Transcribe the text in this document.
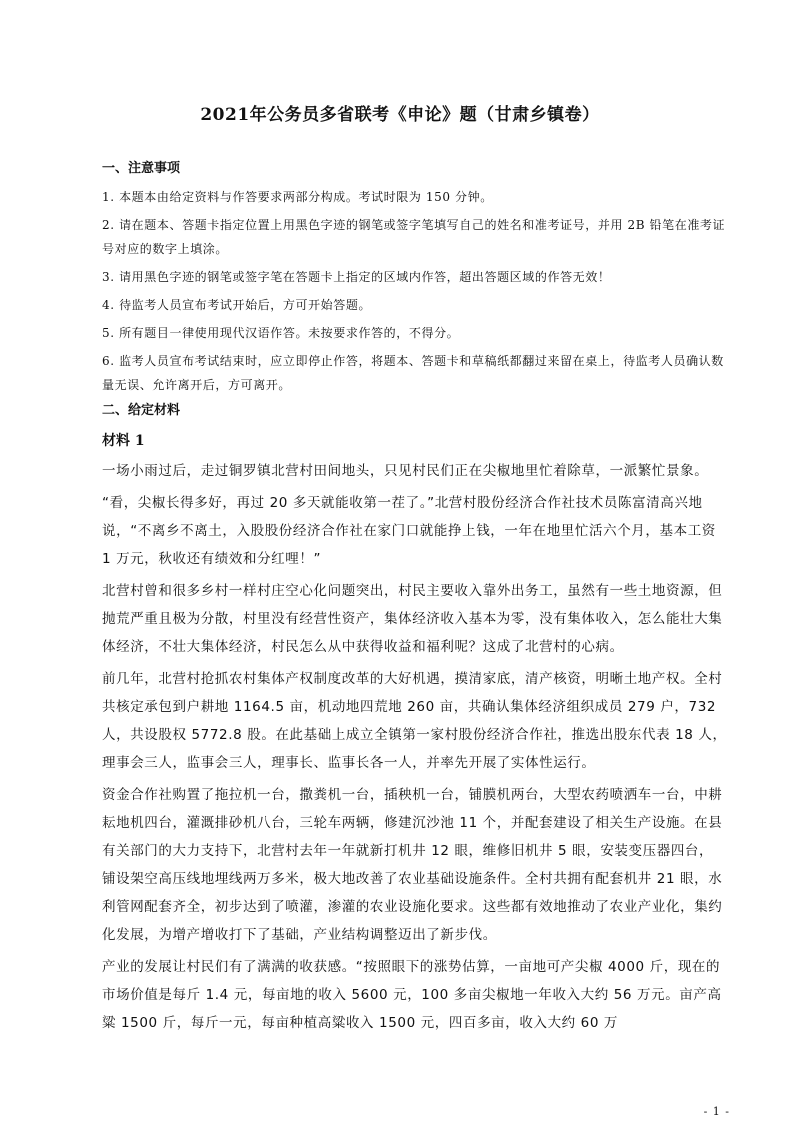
2021年公务员多省联考《申论》题（甘肃乡镇卷）
一、注意事项

1. 本题本由给定资料与作答要求两部分构成。考试时限为 150 分钟。

2. 请在题本、答题卡指定位置上用黑色字迹的钢笔或签字笔填写自己的姓名和准考证号，并用 2B 铅笔在准考证号对应的数字上填涂。

3. 请用黑色字迹的钢笔或签字笔在答题卡上指定的区域内作答，超出答题区域的作答无效！

4. 待监考人员宣布考试开始后，方可开始答题。

5. 所有题目一律使用现代汉语作答。未按要求作答的，不得分。

6. 监考人员宣布考试结束时，应立即停止作答，将题本、答题卡和草稿纸都翻过来留在桌上，待监考人员确认数量无误、允许离开后，方可离开。

二、给定材料
材料 1

一场小雨过后，走过铜罗镇北营村田间地头，只见村民们正在尖椒地里忙着除草，一派繁忙景象。

“看，尖椒长得多好，再过 20 多天就能收第一茬了。”北营村股份经济合作社技术员陈富清高兴地说，“不离乡不离土，入股股份经济合作社在家门口就能挣上钱，一年在地里忙活六个月，基本工资 1 万元，秋收还有绩效和分红哩！”

北营村曾和很多乡村一样村庄空心化问题突出，村民主要收入靠外出务工，虽然有一些土地资源，但抛荒严重且极为分散，村里没有经营性资产，集体经济收入基本为零，没有集体收入，怎么能壮大集体经济，不壮大集体经济，村民怎么从中获得收益和福利呢？这成了北营村的心病。

前几年，北营村抢抓农村集体产权制度改革的大好机遇，摸清家底，清产核资，明晰土地产权。全村共核定承包到户耕地 1164.5 亩，机动地四荒地 260 亩，共确认集体经济组织成员 279 户，732 人，共设股权 5772.8 股。在此基础上成立全镇第一家村股份经济合作社，推选出股东代表 18 人，理事会三人，监事会三人，理事长、监事长各一人，并率先开展了实体性运行。

资金合作社购置了拖拉机一台，撒粪机一台，插秧机一台，铺膜机两台，大型农药喷洒车一台，中耕耘地机四台，灌溉排砂机八台，三轮车两辆，修建沉沙池 11 个，并配套建设了相关生产设施。在县有关部门的大力支持下，北营村去年一年就新打机井 12 眼，维修旧机井 5 眼，安装变压器四台，铺设架空高压线地埋线两万多米，极大地改善了农业基础设施条件。全村共拥有配套机井 21 眼，水利管网配套齐全，初步达到了喷灌，渗灌的农业设施化要求。这些都有效地推动了农业产业化，集约化发展，为增产增收打下了基础，产业结构调整迈出了新步伐。

产业的发展让村民们有了满满的收获感。“按照眼下的涨势估算，一亩地可产尖椒 4000 斤，现在的市场价值是每斤 1.4 元，每亩地的收入 5600 元，100 多亩尖椒地一年收入大约 56 万元。亩产高粱 1500 斤，每斤一元，每亩种植高粱收入 1500 元，四百多亩，收入大约 60 万

- 1 -
